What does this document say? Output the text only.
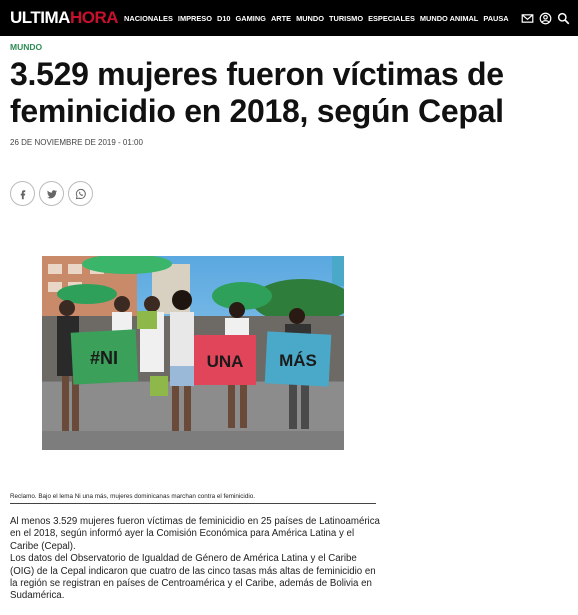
ULTIMA HORA NACIONALES IMPRESO D10 GAMING ARTE MUNDO TURISMO ESPECIALES MUNDO ANIMAL PAUSA
MUNDO
3.529 mujeres fueron víctimas de feminicidio en 2018, según Cepal
26 DE NOVIEMBRE DE 2019 - 01:00
#NI	UNA MÁS
Reclamo. Bajo el lema Ni una más, mujeres dominicanas marchan contra el feminicidio.

Al menos 3.529 mujeres fueron víctimas de feminicidio en 25 países de Latinoamérica en el 2018, según informó ayer la Comisión Económica para América Latina y el Caribe (Cepal).

Los datos del Observatorio de Igualdad de Género de América Latina y el Caribe (OIG) de la Cepal indicaron que cuatro de las cinco tasas más altas de feminicidio en la región se registran en países de Centroamérica y el Caribe, además de Bolivia en Sudamérica.
